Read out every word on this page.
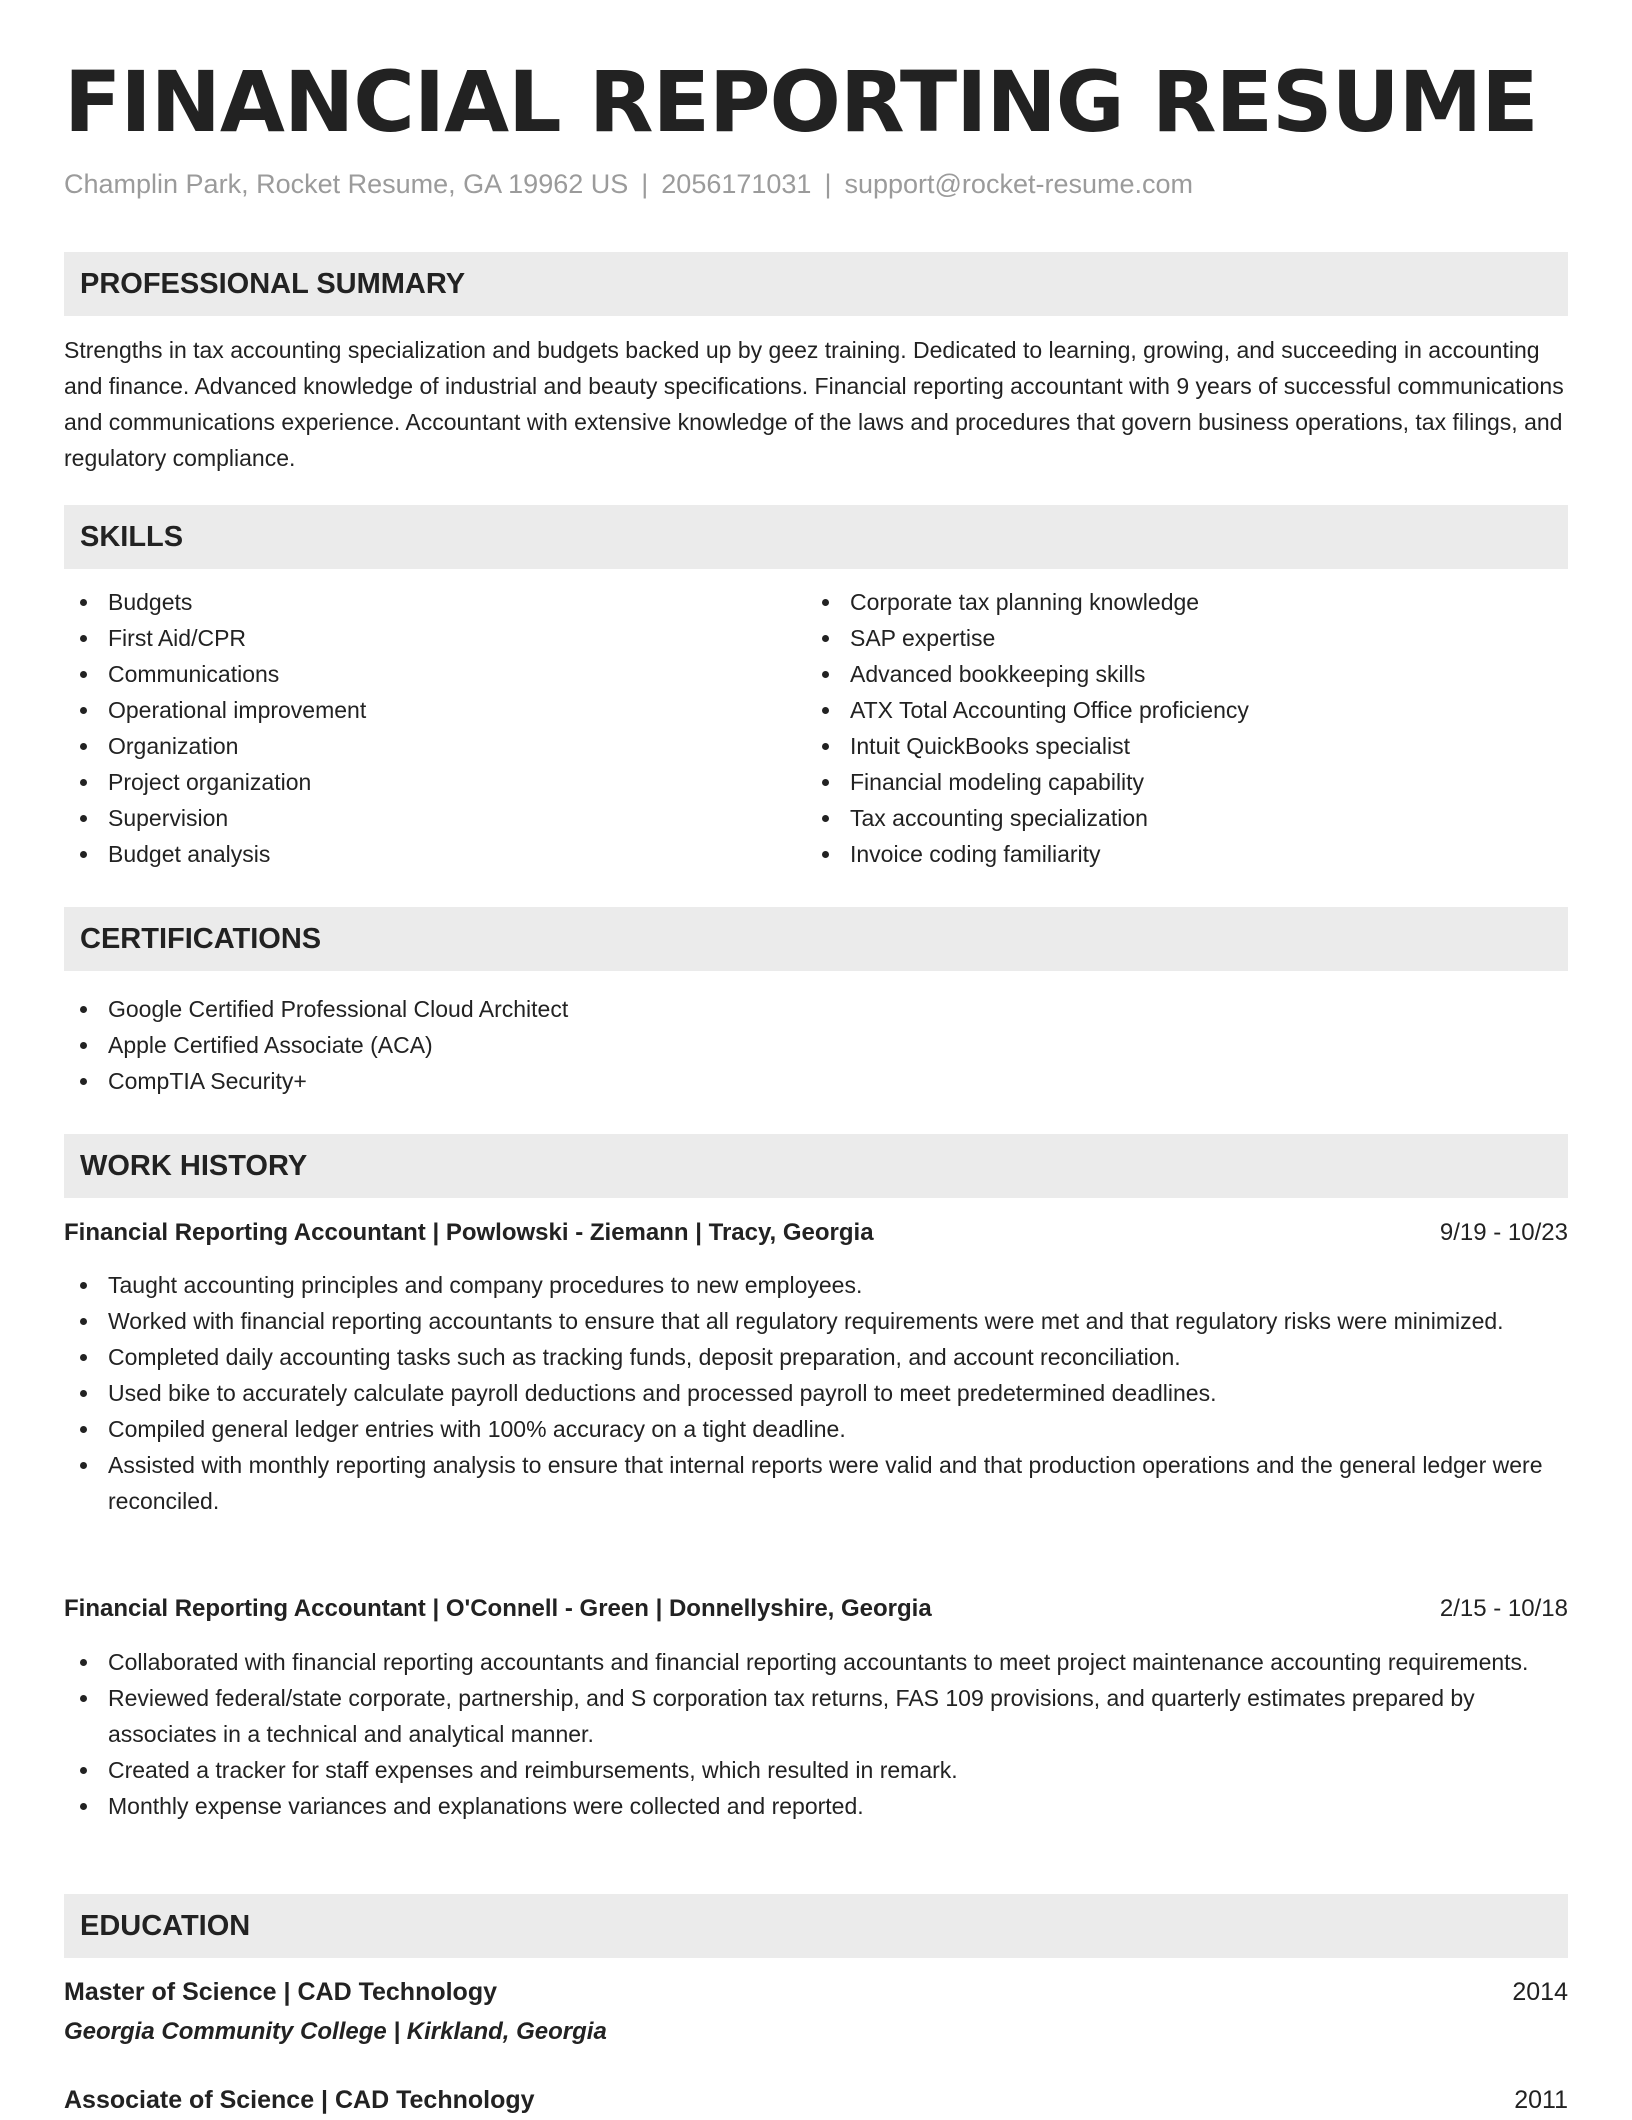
FINANCIAL REPORTING RESUME
Champlin Park, Rocket Resume, GA 19962 US | 2056171031 | support@rocket-resume.com
PROFESSIONAL SUMMARY
Strengths in tax accounting specialization and budgets backed up by geez training. Dedicated to learning, growing, and succeeding in accounting and finance. Advanced knowledge of industrial and beauty specifications. Financial reporting accountant with 9 years of successful communications and communications experience. Accountant with extensive knowledge of the laws and procedures that govern business operations, tax filings, and regulatory compliance.
SKILLS
Budgets
First Aid/CPR
Communications
Operational improvement
Organization
Project organization
Supervision
Budget analysis
Corporate tax planning knowledge
SAP expertise
Advanced bookkeeping skills
ATX Total Accounting Office proficiency
Intuit QuickBooks specialist
Financial modeling capability
Tax accounting specialization
Invoice coding familiarity
CERTIFICATIONS
Google Certified Professional Cloud Architect
Apple Certified Associate (ACA)
CompTIA Security+
WORK HISTORY
Financial Reporting Accountant | Powlowski - Ziemann | Tracy, Georgia	9/19 - 10/23
Taught accounting principles and company procedures to new employees.
Worked with financial reporting accountants to ensure that all regulatory requirements were met and that regulatory risks were minimized.
Completed daily accounting tasks such as tracking funds, deposit preparation, and account reconciliation.
Used bike to accurately calculate payroll deductions and processed payroll to meet predetermined deadlines.
Compiled general ledger entries with 100% accuracy on a tight deadline.
Assisted with monthly reporting analysis to ensure that internal reports were valid and that production operations and the general ledger were reconciled.
Financial Reporting Accountant | O'Connell - Green | Donnellyshire, Georgia	2/15 - 10/18
Collaborated with financial reporting accountants and financial reporting accountants to meet project maintenance accounting requirements.
Reviewed federal/state corporate, partnership, and S corporation tax returns, FAS 109 provisions, and quarterly estimates prepared by associates in a technical and analytical manner.
Created a tracker for staff expenses and reimbursements, which resulted in remark.
Monthly expense variances and explanations were collected and reported.
EDUCATION
Master of Science | CAD Technology	2014
Georgia Community College | Kirkland, Georgia
Associate of Science | CAD Technology	2011
